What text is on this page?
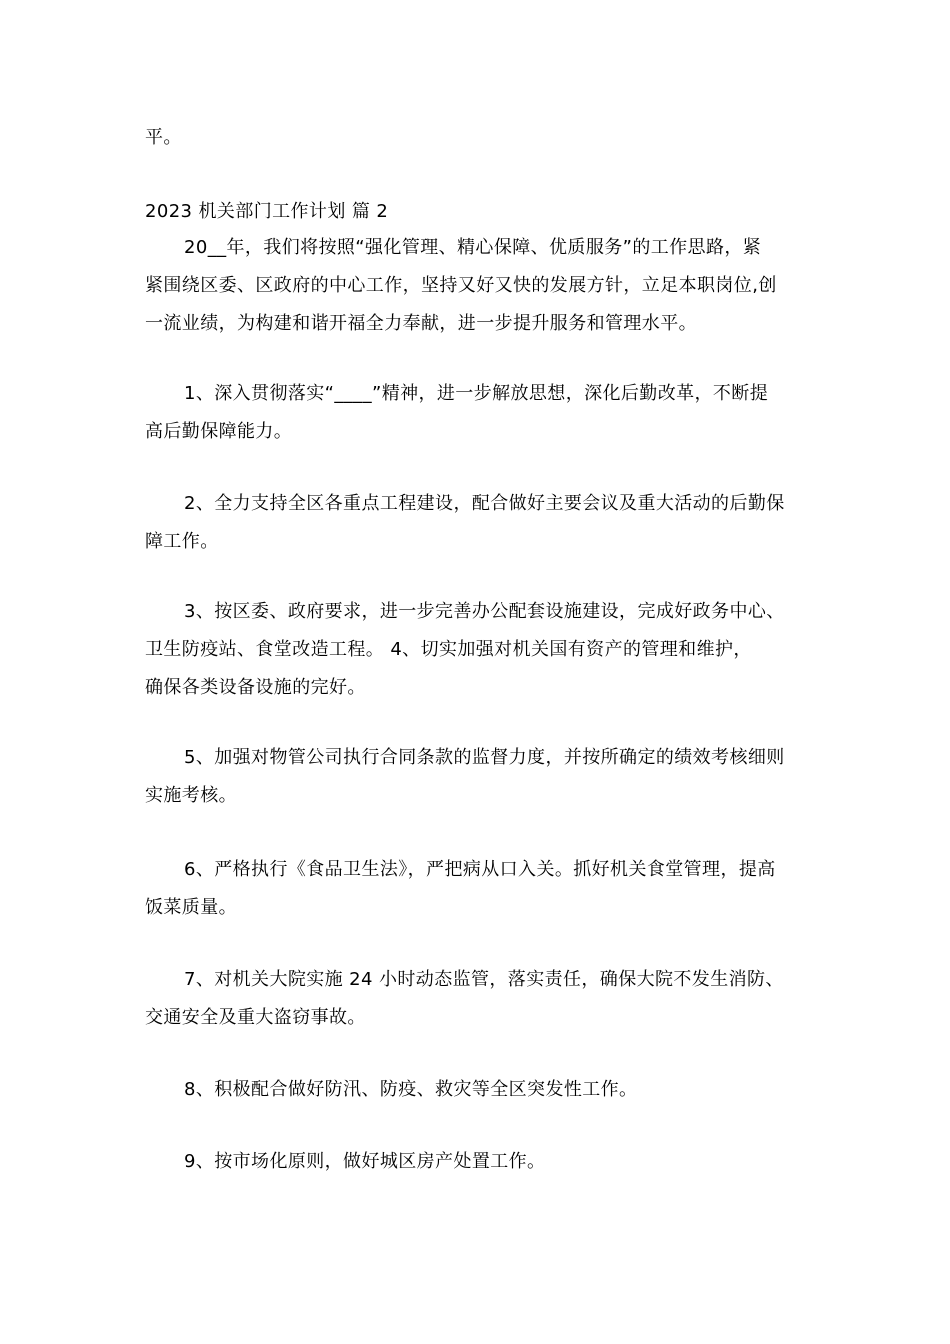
平。
2023 机关部门工作计划 篇 2
20__年，我们将按照“强化管理、精心保障、优质服务”的工作思路，紧
紧围绕区委、区政府的中心工作，坚持又好又快的发展方针，立足本职岗位,创
一流业绩，为构建和谐开福全力奉献，进一步提升服务和管理水平。
1、深入贯彻落实“____”精神，进一步解放思想，深化后勤改革，不断提
高后勤保障能力。
2、全力支持全区各重点工程建设，配合做好主要会议及重大活动的后勤保
障工作。
3、按区委、政府要求，进一步完善办公配套设施建设，完成好政务中心、
卫生防疫站、食堂改造工程。 4、切实加强对机关国有资产的管理和维护，
确保各类设备设施的完好。
5、加强对物管公司执行合同条款的监督力度，并按所确定的绩效考核细则
实施考核。
6、严格执行《食品卫生法》，严把病从口入关。抓好机关食堂管理，提高
饭菜质量。
7、对机关大院实施 24 小时动态监管，落实责任，确保大院不发生消防、
交通安全及重大盗窃事故。
8、积极配合做好防汛、防疫、救灾等全区突发性工作。
9、按市场化原则，做好城区房产处置工作。
